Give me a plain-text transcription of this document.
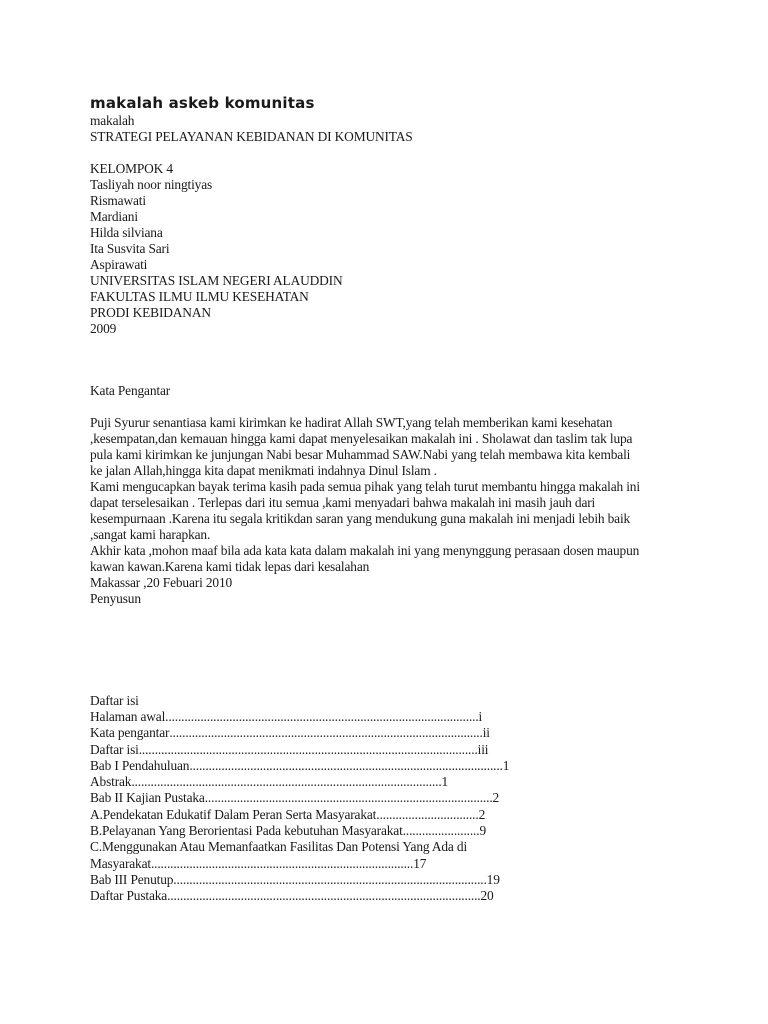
makalah askeb komunitas
makalah
STRATEGI PELAYANAN KEBIDANAN DI KOMUNITAS
KELOMPOK 4
Tasliyah noor ningtiyas
Rismawati
Mardiani
Hilda silviana
Ita Susvita Sari
Aspirawati
UNIVERSITAS ISLAM NEGERI ALAUDDIN
FAKULTAS ILMU ILMU KESEHATAN
PRODI KEBIDANAN
2009
Kata Pengantar
Puji Syurur senantiasa kami kirimkan ke hadirat Allah SWT,yang telah memberikan kami kesehatan
,kesempatan,dan kemauan hingga kami dapat menyelesaikan makalah ini . Sholawat dan taslim tak lupa
pula kami kirimkan ke junjungan Nabi besar Muhammad SAW.Nabi yang telah membawa kita kembali
ke jalan Allah,hingga kita dapat menikmati indahnya Dinul Islam .
Kami mengucapkan bayak terima kasih pada semua pihak yang telah turut membantu hingga makalah ini
dapat terselesaikan . Terlepas dari itu semua ,kami menyadari bahwa makalah ini masih jauh dari
kesempurnaan .Karena itu segala kritikdan saran yang mendukung guna makalah ini menjadi lebih baik
,sangat kami harapkan.
Akhir kata ,mohon maaf bila ada kata kata dalam makalah ini yang menynggung perasaan dosen maupun
kawan kawan.Karena kami tidak lepas dari kesalahan
Makassar ,20 Febuari 2010
Penyusun
Daftar isi
Halaman awal .................................................................................................. i
Kata pengantar .................................................................................................. ii
Daftar isi .......................................................................................................... iii
Bab I Pendahuluan .................................................................................................. 1
Abstrak ................................................................................................. 1
Bab II Kajian Pustaka .......................................................................................... 2
A.Pendekatan Edukatif Dalam Peran Serta Masyarakat ................................ 2
B.Pelayanan Yang Berorientasi Pada kebutuhan Masyarakat ........................ 9
C.Menggunakan Atau Memanfaatkan Fasilitas Dan Potensi Yang Ada di
Masyarakat .................................................................................. 17
Bab III Penutup .................................................................................................. 19
Daftar Pustaka .................................................................................................. 20
